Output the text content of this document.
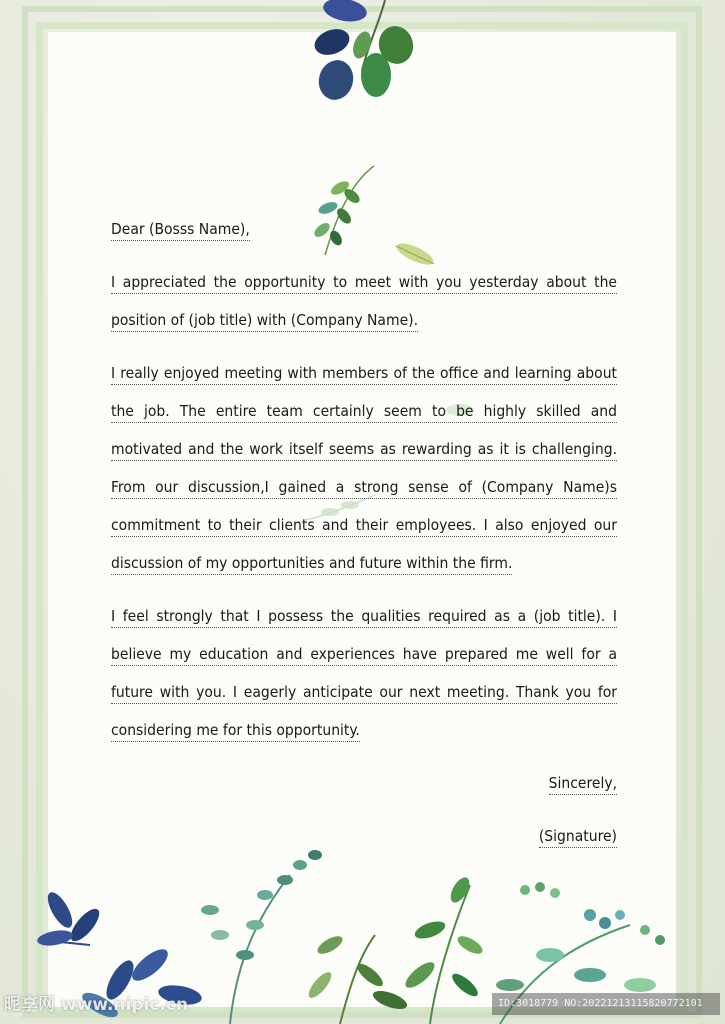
Dear (Bosss Name),
I appreciated the opportunity to meet with you yesterday about the
position of (job title) with (Company Name).
I really enjoyed meeting with members of the office and learning about
the job. The entire team certainly seem to be highly skilled and
motivated and the work itself seems as rewarding as it is challenging.
From our discussion,I gained a strong sense of (Company Name)s
commitment to their clients and their employees. I also enjoyed our
discussion of my opportunities and future within the firm.
I feel strongly that I possess the qualities required as a (job title). I
believe my education and experiences have prepared me well for a
future with you. I eagerly anticipate our next meeting. Thank you for
considering me for this opportunity.
Sincerely,
(Signature)
昵享网 www.nipic.cn	ID:3018779 NO:20221213115820772101
